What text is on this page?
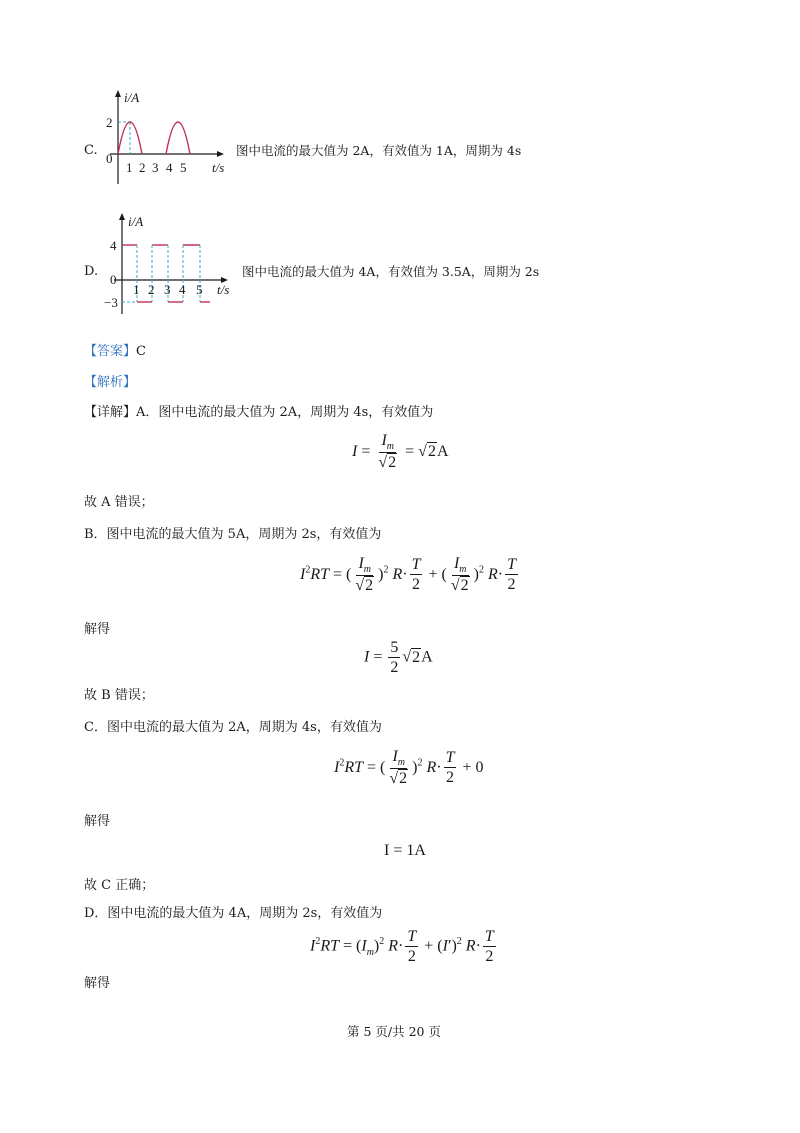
C.
i/A
2
0
1 2 3 4 5 t/s
图中电流的最大值为 2A，有效值为 1A，周期为 4s
D.
i/A
4
0
−3
1 2 3 4 5 t/s
图中电流的最大值为 4A，有效值为 3.5A，周期为 2s
【答案】C
【解析】
【详解】A．图中电流的最大值为 2A，周期为 4s，有效值为
$I = \frac{I_m}{√2} = √2A$
故 A 错误；
B．图中电流的最大值为 5A，周期为 2s，有效值为
$I^2RT$ = ( $\frac{I_m}{√2} )^2$ $R\cdot \frac{T}{2}$ + ( $\frac{I_m}{√2} )^2$ $R\cdot \frac{T}{2}$
解得
$I = \frac{5}{2} √2A$
故 B 错误；
C．图中电流的最大值为 2A，周期为 4s，有效值为
$I^2RT$ = ( $\frac{I_m}{√2} )^2$ $R\cdot \frac{T}{2} + 0$
解得
I = 1A
故 C 正确；
D．图中电流的最大值为 4A，周期为 2s，有效值为
$I^2RT = (I_m)^2$ $R\cdot \frac{T}{2} + (I')^2$ $R\cdot \frac{T}{2}$
解得
第 5 页/共 20 页
